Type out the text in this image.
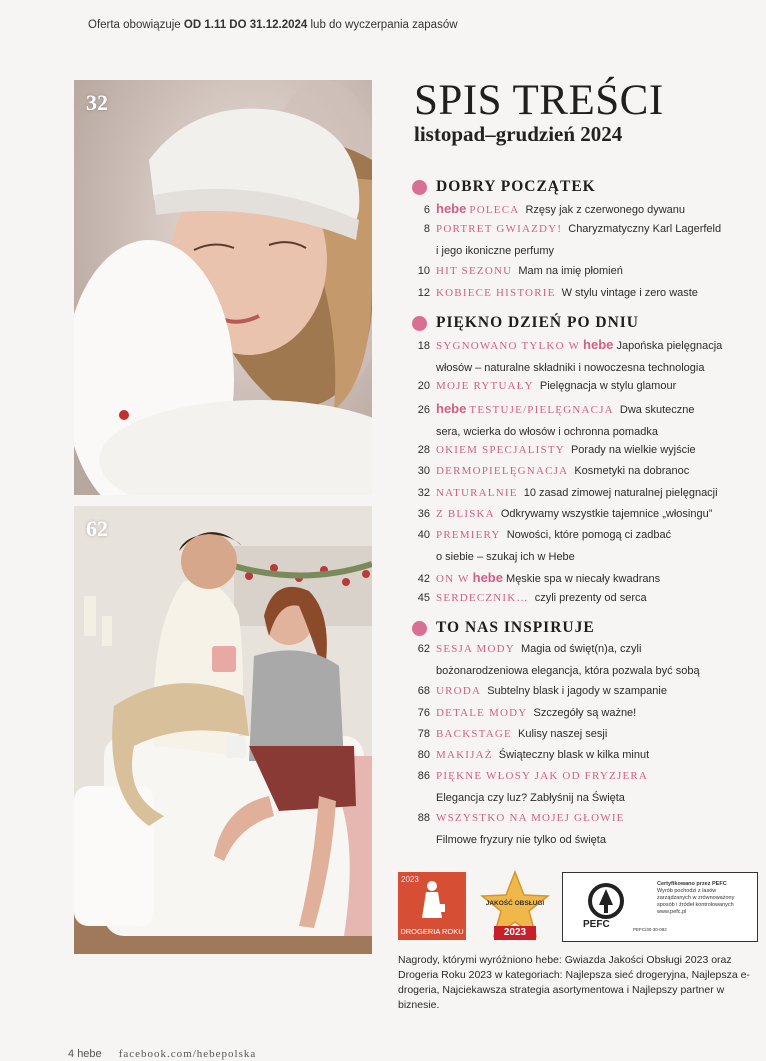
Oferta obowiązuje OD 1.11 DO 31.12.2024 lub do wyczerpania zapasów
32
62
SPIS TREŚCI
listopad–grudzień 2024
DOBRY POCZĄTEK
6 hebe POLECA Rzęsy jak z czerwonego dywanu
8 PORTRET GWIAZDY! Charyzmatyczny Karl Lagerfeld
i jego ikoniczne perfumy
10 HIT SEZONU Mam na imię płomień
12 KOBIECE HISTORIE W stylu vintage i zero waste
PIĘKNO DZIEŃ PO DNIU
18 SYGNOWANO TYLKO W hebe Japońska pielęgnacja
włosów – naturalne składniki i nowoczesna technologia
20 MOJE RYTUAŁY Pielęgnacja w stylu glamour
26 hebe TESTUJE/PIELĘGNACJA Dwa skuteczne
sera, wcierka do włosów i ochronna pomadka
28 OKIEM SPECJALISTY Porady na wielkie wyjście
30 DERMOPIELĘGNACJA Kosmetyki na dobranoc
32 NATURALNIE 10 zasad zimowej naturalnej pielęgnacji
36 Z BLISKA Odkrywamy wszystkie tajemnice „włosingu”
40 PREMIERY Nowości, które pomogą ci zadbać
o siebie – szukaj ich w Hebe
42 ON W hebe Męskie spa w niecały kwadrans
45 SERDECZNIK… czyli prezenty od serca
TO NAS INSPIRUJE
62 SESJA MODY Magia od święt(n)a, czyli
bożonarodzeniowa elegancja, która pozwala być sobą
68 URODA Subtelny blask i jagody w szampanie
76 DETALE MODY Szczegóły są ważne!
78 BACKSTAGE Kulisy naszej sesji
80 MAKIJAŻ Świąteczny blask w kilka minut
86 PIĘKNE WŁOSY JAK OD FRYZJERA
Elegancja czy luz? Zabłyśnij na Święta
88 WSZYSTKO NA MOJEJ GŁOWIE
Filmowe fryzury nie tylko od święta
2023
DROGERIA ROKU
JAKOŚĆ OBSŁUGI
2023
PEFC	PEFC/30-30-082
Certyfikowano przez PEFC
Wyrób pochodzi z lasów zarządzanych w zrównoważony sposób i źródeł kontrolowanych
www.pefc.pl
Nagrody, którymi wyróżniono hebe: Gwiazda Jakości Obsługi 2023 oraz Drogeria Roku 2023 w kategoriach: Najlepsza sieć drogeryjna, Najlepsza e-drogeria, Najciekawsza strategia asortymentowa i Najlepszy partner w biznesie.
4 hebe facebook.com/hebepolska
